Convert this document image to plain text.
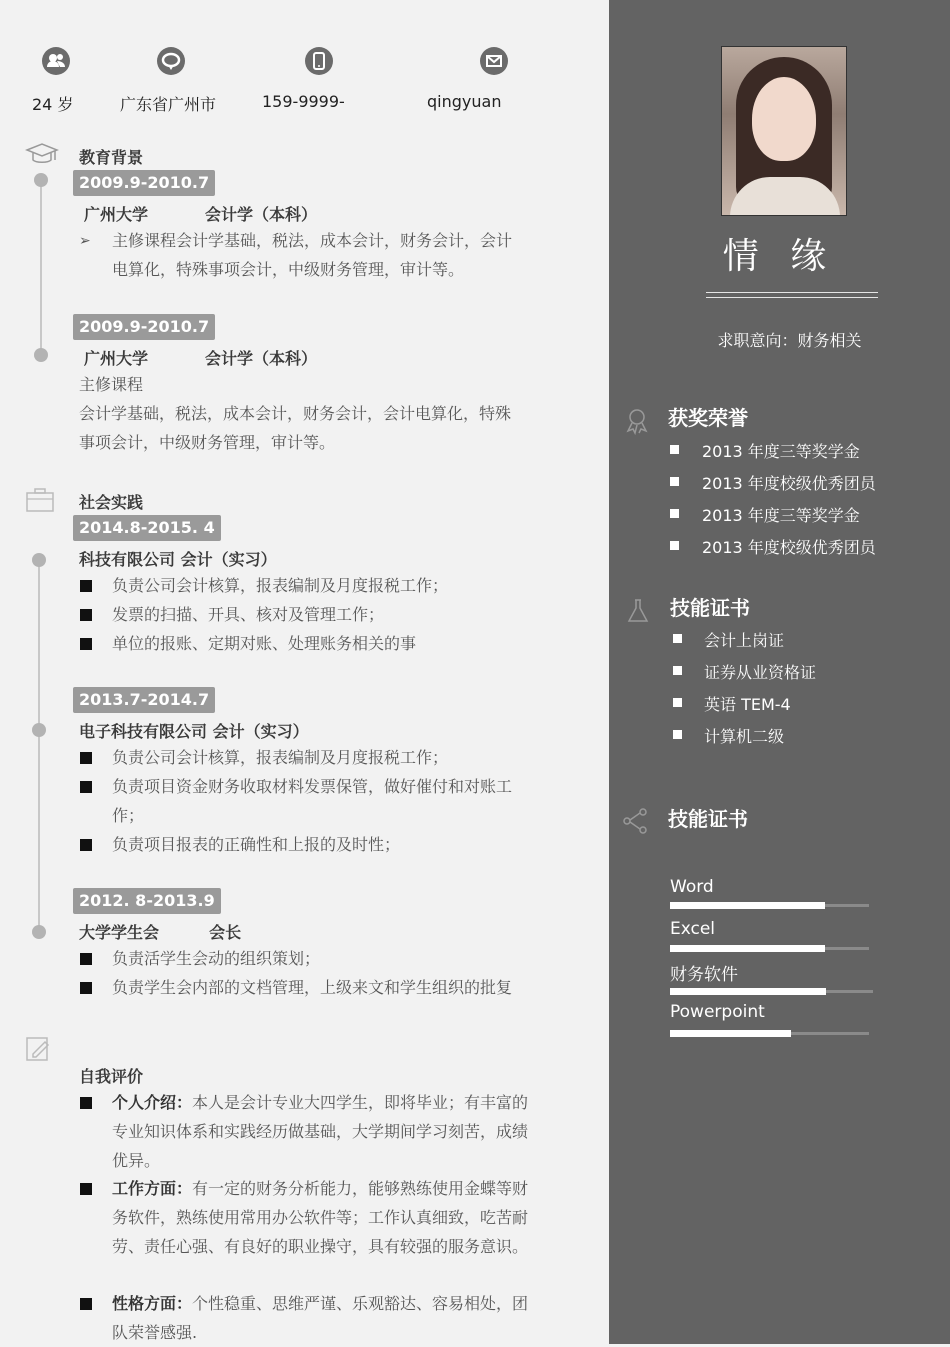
24 岁	广东省广州市	159-9999-	qingyuan
教育背景
2009.9-2010.7
广州大学	会计学（本科）
➢ 主修课程会计学基础，税法，成本会计，财务会计，会计
电算化，特殊事项会计，中级财务管理，审计等。
2009.9-2010.7
广州大学	会计学（本科）
主修课程
会计学基础，税法，成本会计，财务会计，会计电算化，特殊
事项会计，中级财务管理，审计等。
社会实践
2014.8-2015. 4
科技有限公司 会计（实习）
负责公司会计核算，报表编制及月度报税工作；
发票的扫描、开具、核对及管理工作；
单位的报账、定期对账、处理账务相关的事
2013.7-2014.7
电子科技有限公司 会计（实习）
负责公司会计核算，报表编制及月度报税工作；
负责项目资金财务收取材料发票保管，做好催付和对账工作；
负责项目报表的正确性和上报的及时性；
2012. 8-2013.9
大学学生会         会长
负责活学生会动的组织策划；
负责学生会内部的文档管理，上级来文和学生组织的批复
自我评价
个人介绍：本人是会计专业大四学生，即将毕业；有丰富的专业知识体系和实践经历做基础，大学期间学习刻苦，成绩优异。
工作方面：有一定的财务分析能力，能够熟练使用金蝶等财务软件，熟练使用常用办公软件等；工作认真细致，吃苦耐劳、责任心强、有良好的职业操守，具有较强的服务意识。
性格方面：个性稳重、思维严谨、乐观豁达、容易相处，团队荣誉感强.
情 缘
求职意向：财务相关
获奖荣誉
2013 年度三等奖学金
2013 年度校级优秀团员
2013 年度三等奖学金
2013 年度校级优秀团员
技能证书
会计上岗证
证券从业资格证
英语 TEM-4
计算机二级
技能证书
Word
Excel
财务软件
Powerpoint
